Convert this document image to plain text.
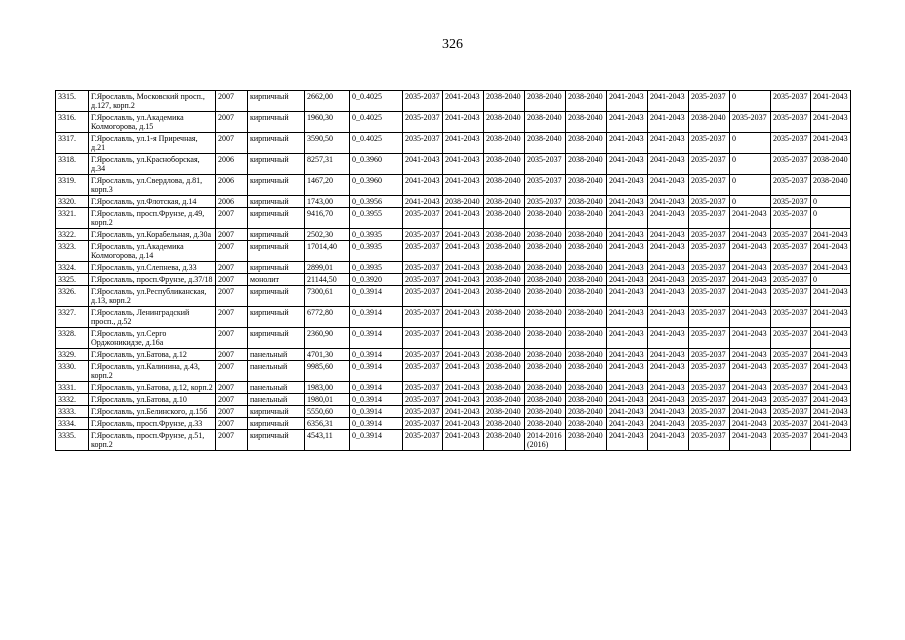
326
3315.	Г.Ярославль, Московский просп., д.127, корп.2	2007	кирпичный	2662,00	0_0.4025	2035-2037	2041-2043	2038-2040	2038-2040	2038-2040	2041-2043	2041-2043	2035-2037	0	2035-2037	2041-2043
3316.	Г.Ярославль, ул.Академика Колмогорова, д.15	2007	кирпичный	1960,30	0_0.4025	2035-2037	2041-2043	2038-2040	2038-2040	2038-2040	2041-2043	2041-2043	2038-2040	2035-2037	2035-2037	2041-2043
3317.	Г.Ярославль, ул.1-я Приречная, д.21	2007	кирпичный	3590,50	0_0.4025	2035-2037	2041-2043	2038-2040	2038-2040	2038-2040	2041-2043	2041-2043	2035-2037	0	2035-2037	2041-2043
3318.	Г.Ярославль, ул.Красноборская, д.34	2006	кирпичный	8257,31	0_0.3960	2041-2043	2041-2043	2038-2040	2035-2037	2038-2040	2041-2043	2041-2043	2035-2037	0	2035-2037	2038-2040
3319.	Г.Ярославль, ул.Свердлова, д.81, корп.3	2006	кирпичный	1467,20	0_0.3960	2041-2043	2041-2043	2038-2040	2035-2037	2038-2040	2041-2043	2041-2043	2035-2037	0	2035-2037	2038-2040
3320.	Г.Ярославль, ул.Флотская, д.14	2006	кирпичный	1743,00	0_0.3956	2041-2043	2038-2040	2038-2040	2035-2037	2038-2040	2041-2043	2041-2043	2035-2037	0	2035-2037	0
3321.	Г.Ярославль, просп.Фрунзе, д.49, корп.2	2007	кирпичный	9416,70	0_0.3955	2035-2037	2041-2043	2038-2040	2038-2040	2038-2040	2041-2043	2041-2043	2035-2037	2041-2043	2035-2037	0
3322.	Г.Ярославль, ул.Корабельная, д.30а	2007	кирпичный	2502,30	0_0.3935	2035-2037	2041-2043	2038-2040	2038-2040	2038-2040	2041-2043	2041-2043	2035-2037	2041-2043	2035-2037	2041-2043
3323.	Г.Ярославль, ул.Академика Колмогорова, д.14	2007	кирпичный	17014,40	0_0.3935	2035-2037	2041-2043	2038-2040	2038-2040	2038-2040	2041-2043	2041-2043	2035-2037	2041-2043	2035-2037	2041-2043
3324.	Г.Ярославль, ул.Слепнева, д.33	2007	кирпичный	2899,01	0_0.3935	2035-2037	2041-2043	2038-2040	2038-2040	2038-2040	2041-2043	2041-2043	2035-2037	2041-2043	2035-2037	2041-2043
3325.	Г.Ярославль, просп.Фрунзе, д.37/18	2007	монолит	21144,50	0_0.3920	2035-2037	2041-2043	2038-2040	2038-2040	2038-2040	2041-2043	2041-2043	2035-2037	2041-2043	2035-2037	0
3326.	Г.Ярославль, ул.Республиканская, д.13, корп.2	2007	кирпичный	7300,61	0_0.3914	2035-2037	2041-2043	2038-2040	2038-2040	2038-2040	2041-2043	2041-2043	2035-2037	2041-2043	2035-2037	2041-2043
3327.	Г.Ярославль, Ленинградский просп., д.52	2007	кирпичный	6772,80	0_0.3914	2035-2037	2041-2043	2038-2040	2038-2040	2038-2040	2041-2043	2041-2043	2035-2037	2041-2043	2035-2037	2041-2043
3328.	Г.Ярославль, ул.Серго Орджоникидзе, д.16а	2007	кирпичный	2360,90	0_0.3914	2035-2037	2041-2043	2038-2040	2038-2040	2038-2040	2041-2043	2041-2043	2035-2037	2041-2043	2035-2037	2041-2043
3329.	Г.Ярославль, ул.Батова, д.12	2007	панельный	4701,30	0_0.3914	2035-2037	2041-2043	2038-2040	2038-2040	2038-2040	2041-2043	2041-2043	2035-2037	2041-2043	2035-2037	2041-2043
3330.	Г.Ярославль, ул.Калинина, д.43, корп.2	2007	панельный	9985,60	0_0.3914	2035-2037	2041-2043	2038-2040	2038-2040	2038-2040	2041-2043	2041-2043	2035-2037	2041-2043	2035-2037	2041-2043
3331.	Г.Ярославль, ул.Батова, д.12, корп.2	2007	панельный	1983,00	0_0.3914	2035-2037	2041-2043	2038-2040	2038-2040	2038-2040	2041-2043	2041-2043	2035-2037	2041-2043	2035-2037	2041-2043
3332.	Г.Ярославль, ул.Батова, д.10	2007	панельный	1980,01	0_0.3914	2035-2037	2041-2043	2038-2040	2038-2040	2038-2040	2041-2043	2041-2043	2035-2037	2041-2043	2035-2037	2041-2043
3333.	Г.Ярославль, ул.Белинского, д.15б	2007	кирпичный	5550,60	0_0.3914	2035-2037	2041-2043	2038-2040	2038-2040	2038-2040	2041-2043	2041-2043	2035-2037	2041-2043	2035-2037	2041-2043
3334.	Г.Ярославль, просп.Фрунзе, д.33	2007	кирпичный	6356,31	0_0.3914	2035-2037	2041-2043	2038-2040	2038-2040	2038-2040	2041-2043	2041-2043	2035-2037	2041-2043	2035-2037	2041-2043
3335.	Г.Ярославль, просп.Фрунзе, д.51, корп.2	2007	кирпичный	4543,11	0_0.3914	2035-2037	2041-2043	2038-2040	2014-2016 (2016)	2038-2040	2041-2043	2041-2043	2035-2037	2041-2043	2035-2037	2041-2043
